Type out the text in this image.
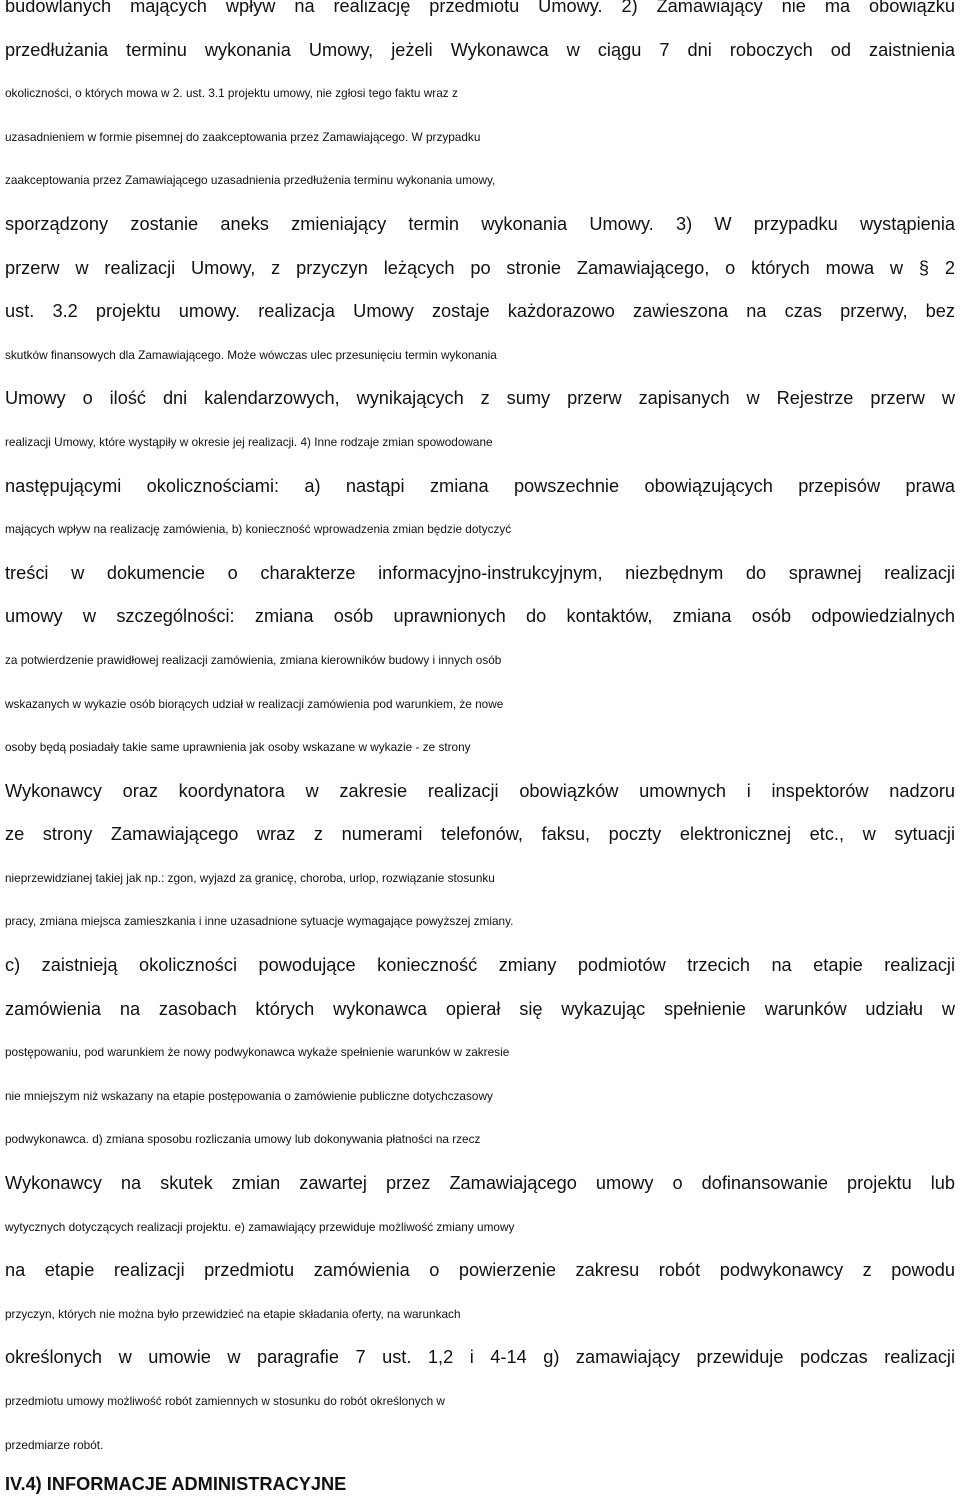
budowlanych mających wpływ na realizację przedmiotu Umowy. 2) Zamawiający nie ma obowiązku
przedłużania terminu wykonania Umowy, jeżeli Wykonawca w ciągu 7 dni roboczych od zaistnienia
okoliczności, o których mowa w 2. ust. 3.1 projektu umowy, nie zgłosi tego faktu wraz z
uzasadnieniem w formie pisemnej do zaakceptowania przez Zamawiającego. W przypadku
zaakceptowania przez Zamawiającego uzasadnienia przedłużenia terminu wykonania umowy,
sporządzony zostanie aneks zmieniający termin wykonania Umowy. 3) W przypadku wystąpienia
przerw w realizacji Umowy, z przyczyn leżących po stronie Zamawiającego, o których mowa w § 2
ust. 3.2 projektu umowy. realizacja Umowy zostaje każdorazowo zawieszona na czas przerwy, bez
skutków finansowych dla Zamawiającego. Może wówczas ulec przesunięciu termin wykonania
Umowy o ilość dni kalendarzowych, wynikających z sumy przerw zapisanych w Rejestrze przerw w
realizacji Umowy, które wystąpiły w okresie jej realizacji. 4) Inne rodzaje zmian spowodowane
następującymi okolicznościami: a) nastąpi zmiana powszechnie obowiązujących przepisów prawa
mających wpływ na realizację zamówienia, b) konieczność wprowadzenia zmian będzie dotyczyć
treści w dokumencie o charakterze informacyjno-instrukcyjnym, niezbędnym do sprawnej realizacji
umowy w szczególności: zmiana osób uprawnionych do kontaktów, zmiana osób odpowiedzialnych
za potwierdzenie prawidłowej realizacji zamówienia, zmiana kierowników budowy i innych osób
wskazanych w wykazie osób biorących udział w realizacji zamówienia pod warunkiem, że nowe
osoby będą posiadały takie same uprawnienia jak osoby wskazane w wykazie - ze strony
Wykonawcy oraz koordynatora w zakresie realizacji obowiązków umownych i inspektorów nadzoru
ze strony Zamawiającego wraz z numerami telefonów, faksu, poczty elektronicznej etc., w sytuacji
nieprzewidzianej takiej jak np.: zgon, wyjazd za granicę, choroba, urlop, rozwiązanie stosunku
pracy, zmiana miejsca zamieszkania i inne uzasadnione sytuacje wymagające powyższej zmiany.
c) zaistnieją okoliczności powodujące konieczność zmiany podmiotów trzecich na etapie realizacji
zamówienia na zasobach których wykonawca opierał się wykazując spełnienie warunków udziału w
postępowaniu, pod warunkiem że nowy podwykonawca wykaże spełnienie warunków w zakresie
nie mniejszym niż wskazany na etapie postępowania o zamówienie publiczne dotychczasowy
podwykonawca. d) zmiana sposobu rozliczania umowy lub dokonywania płatności na rzecz
Wykonawcy na skutek zmian zawartej przez Zamawiającego umowy o dofinansowanie projektu lub
wytycznych dotyczących realizacji projektu. e) zamawiający przewiduje możliwość zmiany umowy
na etapie realizacji przedmiotu zamówienia o powierzenie zakresu robót podwykonawcy z powodu
przyczyn, których nie można było przewidzieć na etapie składania oferty, na warunkach
określonych w umowie w paragrafie 7 ust. 1,2 i 4-14 g) zamawiający przewiduje podczas realizacji
przedmiotu umowy możliwość robót zamiennych w stosunku do robót określonych w
przedmiarze robót.
IV.4) INFORMACJE ADMINISTRACYJNE
